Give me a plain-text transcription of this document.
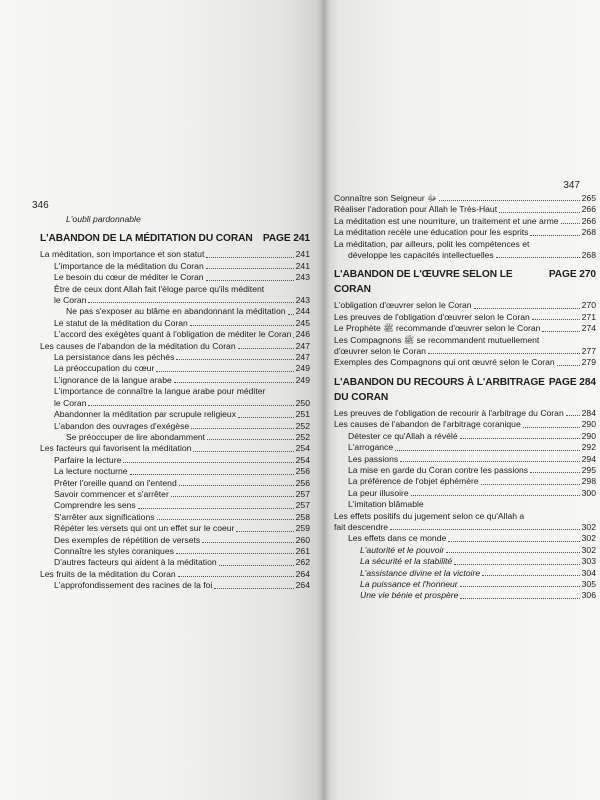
346
L'oubli pardonnable
L'ABANDON DE LA MÉDITATION DU CORAN PAGE 241
La méditation, son importance et son statut	241
L'importance de la méditation du Coran	241
Le besoin du cœur de méditer le Coran	243
Être de ceux dont Allah fait l'éloge parce qu'ils méditent
le Coran	243
Ne pas s'exposer au blâme en abandonnant la méditation 244
Le statut de la méditation du Coran	245
L'accord des exégètes quant à l'obligation de méditer le Coran 246
Les causes de l'abandon de la méditation du Coran	247
La persistance dans les péchés	247
La préoccupation du cœur	249
L'ignorance de la langue arabe	249
L'importance de connaître la langue arabe pour méditer
le Coran	250
Abandonner la méditation par scrupule religieux	251
L'abandon des ouvrages d'exégèse	252
Se préoccuper de lire abondamment	252
Les facteurs qui favorisent la méditation	254
Parfaire la lecture	254
La lecture nocturne	256
Prêter l'oreille quand on l'entend	256
Savoir commencer et s'arrêter	257
Comprendre les sens	257
S'arrêter aux significations	258
Répéter les versets qui ont un effet sur le coeur	259
Des exemples de répétition de versets	260
Connaître les styles coraniques	261
D'autres facteurs qui aident à la méditation	262
Les fruits de la méditation du Coran	264
L'approfondissement des racines de la foi	264
347
Connaître son Seigneur ﷻ	265
Réaliser l'adoration pour Allah le Très-Haut	266
La méditation est une nourriture, un traitement et une arme	266
La méditation recèle une éducation pour les esprits	268
La méditation, par ailleurs, polit les compétences et
développe les capacités intellectuelles	268
L'ABANDON DE L'ŒUVRE SELON LE CORAN
PAGE 270
L'obligation d'œuvrer selon le Coran	270
Les preuves de l'obligation d'œuvrer selon le Coran	271
Le Prophète ﷺ recommande d'œuvrer selon le Coran	274
Les Compagnons ﷺ se recommandent mutuellement
d'œuvrer selon le Coran	277
Exemples des Compagnons qui ont œuvré selon le Coran	279
L'ABANDON DU RECOURS À L'ARBITRAGE DU CORAN
PAGE 284
Les preuves de l'obligation de recourir à l'arbitrage du Coran 284
Les causes de l'abandon de l'arbitrage coranique	290
Détester ce qu'Allah a révélé	290
L'arrogance	292
Les passions	294
La mise en garde du Coran contre les passions	295
La préférence de l'objet éphémère	298
La peur illusoire	300
L'imitation blâmable
Les effets positifs du jugement selon ce qu'Allah a
fait descendre	302
Les effets dans ce monde	302
L'autorité et le pouvoir	302
La sécurité et la stabilité	303
L'assistance divine et la victoire	304
La puissance et l'honneur	305
Une vie bénie et prospère	306
